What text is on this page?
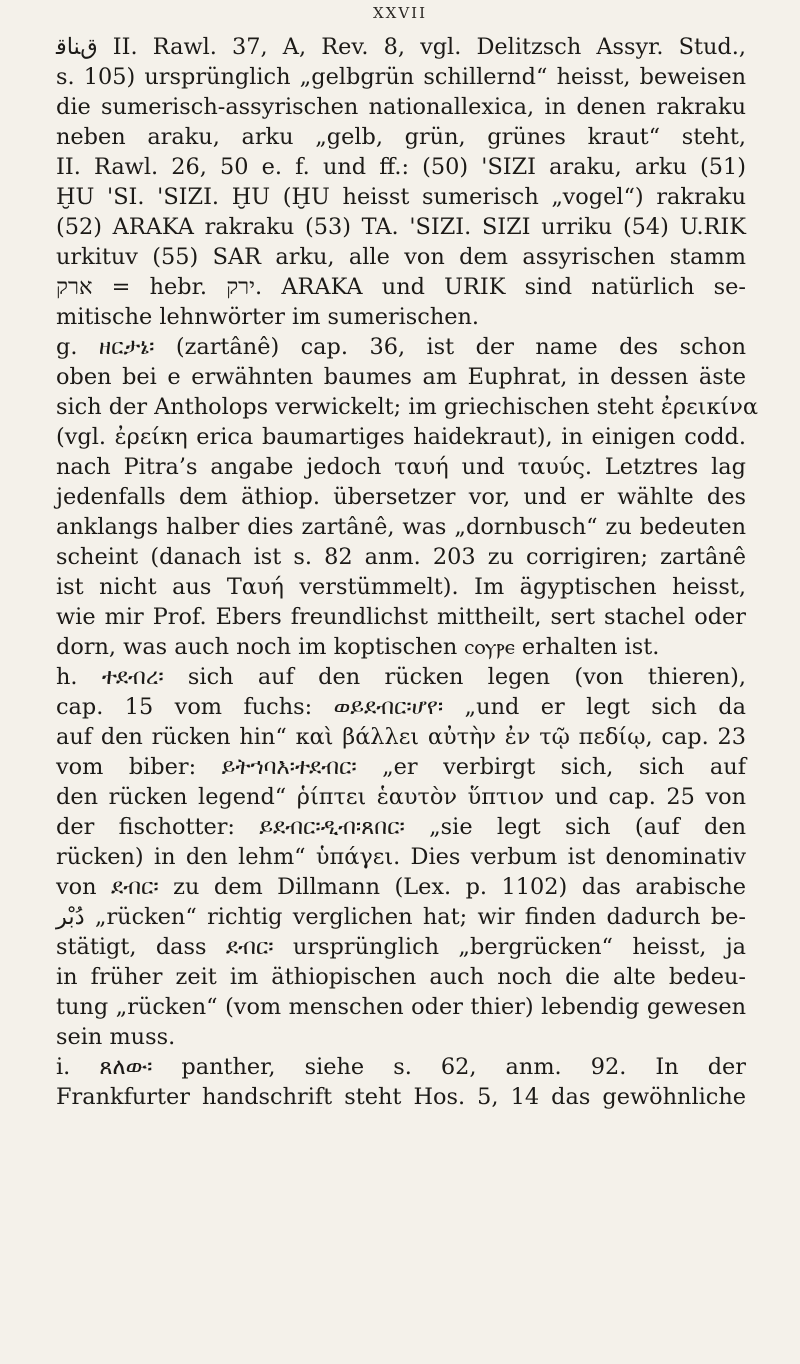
XXVII
ﻕﻨﺎﻗ II. Rawl. 37, A, Rev. 8, vgl. Delitzsch Assyr. Stud.,
s. 105) ursprünglich „gelbgrün schillernd“ heisst, beweisen
die sumerisch-assyrischen nationallexica, in denen rakraku
neben araku, arku „gelb, grün, grünes kraut“ steht,
II. Rawl. 26, 50 e. f. und ff.: (50) 'SIZI araku, arku (51)
ḪU 'SI. 'SIZI. ḪU (ḪU heisst sumerisch „vogel“) rakraku
(52) ARAKA rakraku (53) TA. 'SIZI. SIZI urriku (54) U.RIK
urkituv (55) SAR arku, alle von dem assyrischen stamm
ארק = hebr. ירק. ARAKA und URIK sind natürlich se-
mitische lehnwörter im sumerischen.
g. ዘርታኔ፡ (zartânê) cap. 36, ist der name des schon
oben bei e erwähnten baumes am Euphrat, in dessen äste
sich der Antholops verwickelt; im griechischen steht ἐρεικίνα
(vgl. ἐρείκη erica baumartiges haidekraut), in einigen codd.
nach Pitra’s angabe jedoch ταυή und ταυύς. Letztres lag
jedenfalls dem äthiop. übersetzer vor, und er wählte des
anklangs halber dies zartânê, was „dornbusch“ zu bedeuten
scheint (danach ist s. 82 anm. 203 zu corrigiren; zartânê
ist nicht aus Ταυή verstümmelt). Im ägyptischen heisst,
wie mir Prof. Ebers freundlichst mittheilt, sert stachel oder
dorn, was auch noch im koptischen ⲥⲟⲩⲣⲉ erhalten ist.
h. ተደብረ፡ sich auf den rücken legen (von thieren),
cap. 15 vom fuchs: ወይደብር፡ሆየ፡ „und er legt sich da
auf den rücken hin“ καὶ βάλλει αὐτὴν ἐν τῷ πεδίῳ, cap. 23
vom biber: ይትኀባእ፡ተደብር፡ „er verbirgt sich, sich auf
den rücken legend“ ῥίπτει ἑαυτὸν ὕπτιον und cap. 25 von
der fischotter: ይደብር፡ዲብ፡ጸበር፡ „sie legt sich (auf den
rücken) in den lehm“ ὑπάγει. Dies verbum ist denominativ
von ደብር፡ zu dem Dillmann (Lex. p. 1102) das arabische
دُبْر „rücken“ richtig verglichen hat; wir finden dadurch be-
stätigt, dass ደብር፡ ursprünglich „bergrücken“ heisst, ja
in früher zeit im äthiopischen auch noch die alte bedeu-
tung „rücken“ (vom menschen oder thier) lebendig gewesen
sein muss.
i. ጸለው፡ panther, siehe s. 62, anm. 92. In der
Frankfurter handschrift steht Hos. 5, 14 das gewöhnliche
